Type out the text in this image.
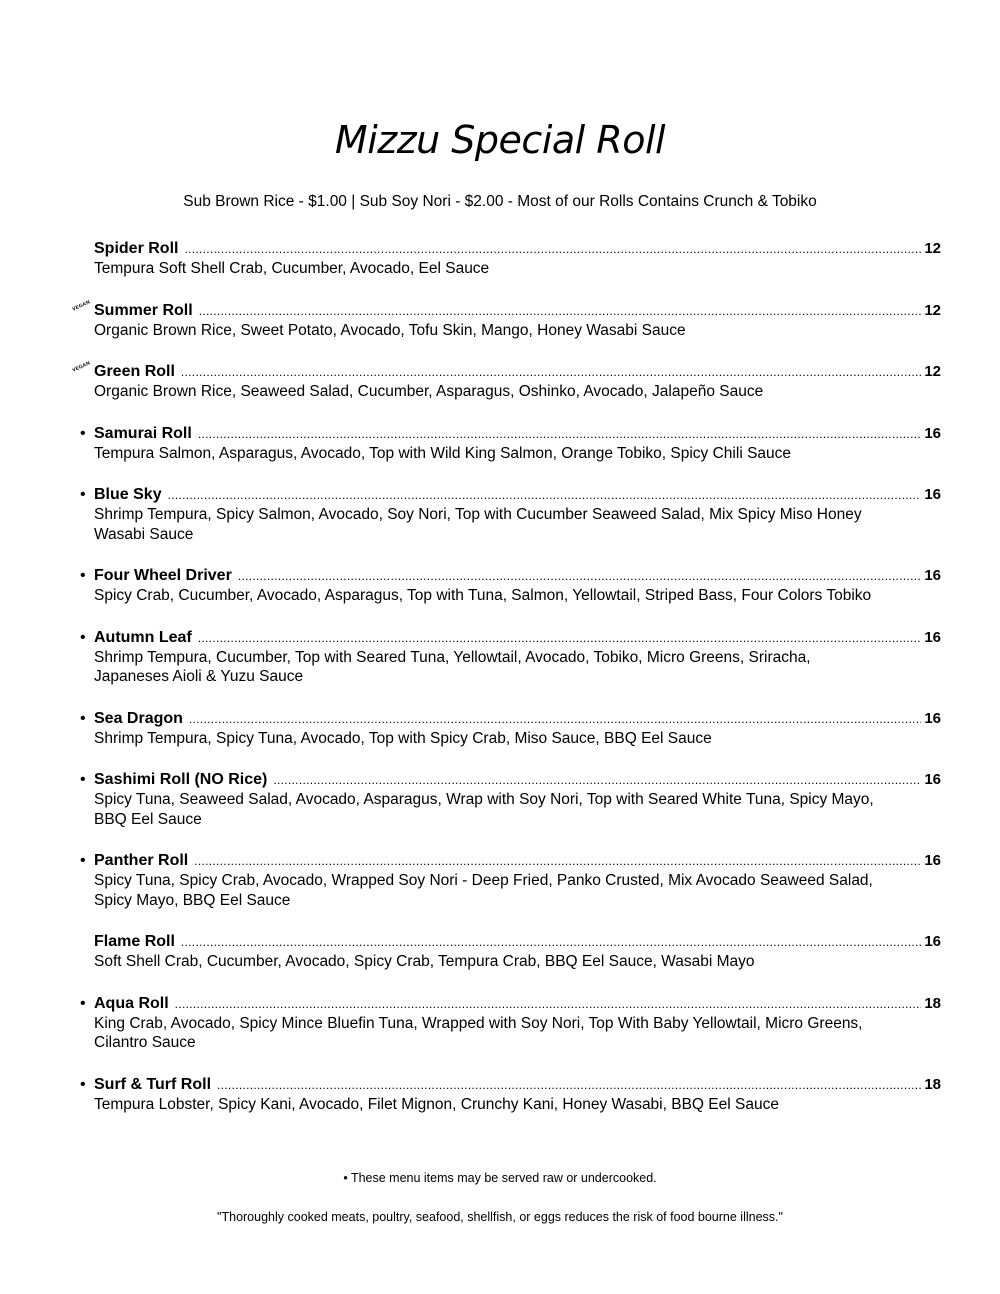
Mizzu Special Roll
Sub Brown Rice - $1.00 | Sub Soy Nori - $2.00 - Most of our Rolls Contains Crunch & Tobiko
Spider Roll .....	12
Tempura Soft Shell Crab, Cucumber, Avocado, Eel Sauce
VEGAN Summer Roll .....	12
Organic Brown Rice, Sweet Potato, Avocado, Tofu Skin, Mango, Honey Wasabi Sauce
VEGAN Green Roll .....	12
Organic Brown Rice, Seaweed Salad, Cucumber, Asparagus, Oshinko, Avocado, Jalapeño Sauce
• Samurai Roll .....	16
Tempura Salmon, Asparagus, Avocado, Top with Wild King Salmon, Orange Tobiko, Spicy Chili Sauce
• Blue Sky .....	16
Shrimp Tempura, Spicy Salmon, Avocado, Soy Nori, Top with Cucumber Seaweed Salad, Mix Spicy Miso Honey Wasabi Sauce
• Four Wheel Driver .....	16
Spicy Crab, Cucumber, Avocado, Asparagus, Top with Tuna, Salmon, Yellowtail, Striped Bass, Four Colors Tobiko
• Autumn Leaf .....	16
Shrimp Tempura, Cucumber, Top with Seared Tuna, Yellowtail, Avocado, Tobiko, Micro Greens, Sriracha, Japaneses Aioli & Yuzu Sauce
• Sea Dragon .....	16
Shrimp Tempura, Spicy Tuna, Avocado, Top with Spicy Crab, Miso Sauce, BBQ Eel Sauce
• Sashimi Roll (NO Rice) .....	16
Spicy Tuna, Seaweed Salad, Avocado, Asparagus, Wrap with Soy Nori, Top with Seared White Tuna, Spicy Mayo, BBQ Eel Sauce
• Panther Roll .....	16
Spicy Tuna, Spicy Crab, Avocado, Wrapped Soy Nori - Deep Fried, Panko Crusted, Mix Avocado Seaweed Salad, Spicy Mayo, BBQ Eel Sauce
Flame Roll .....	16
Soft Shell Crab, Cucumber, Avocado, Spicy Crab, Tempura Crab, BBQ Eel Sauce, Wasabi Mayo
• Aqua Roll .....	18
King Crab, Avocado, Spicy Mince Bluefin Tuna, Wrapped with Soy Nori, Top With Baby Yellowtail, Micro Greens, Cilantro Sauce
• Surf & Turf Roll .....	18
Tempura Lobster, Spicy Kani, Avocado, Filet Mignon, Crunchy Kani, Honey Wasabi, BBQ Eel Sauce
• These menu items may be served raw or undercooked.
"Thoroughly cooked meats, poultry, seafood, shellfish, or eggs reduces the risk of food bourne illness."
